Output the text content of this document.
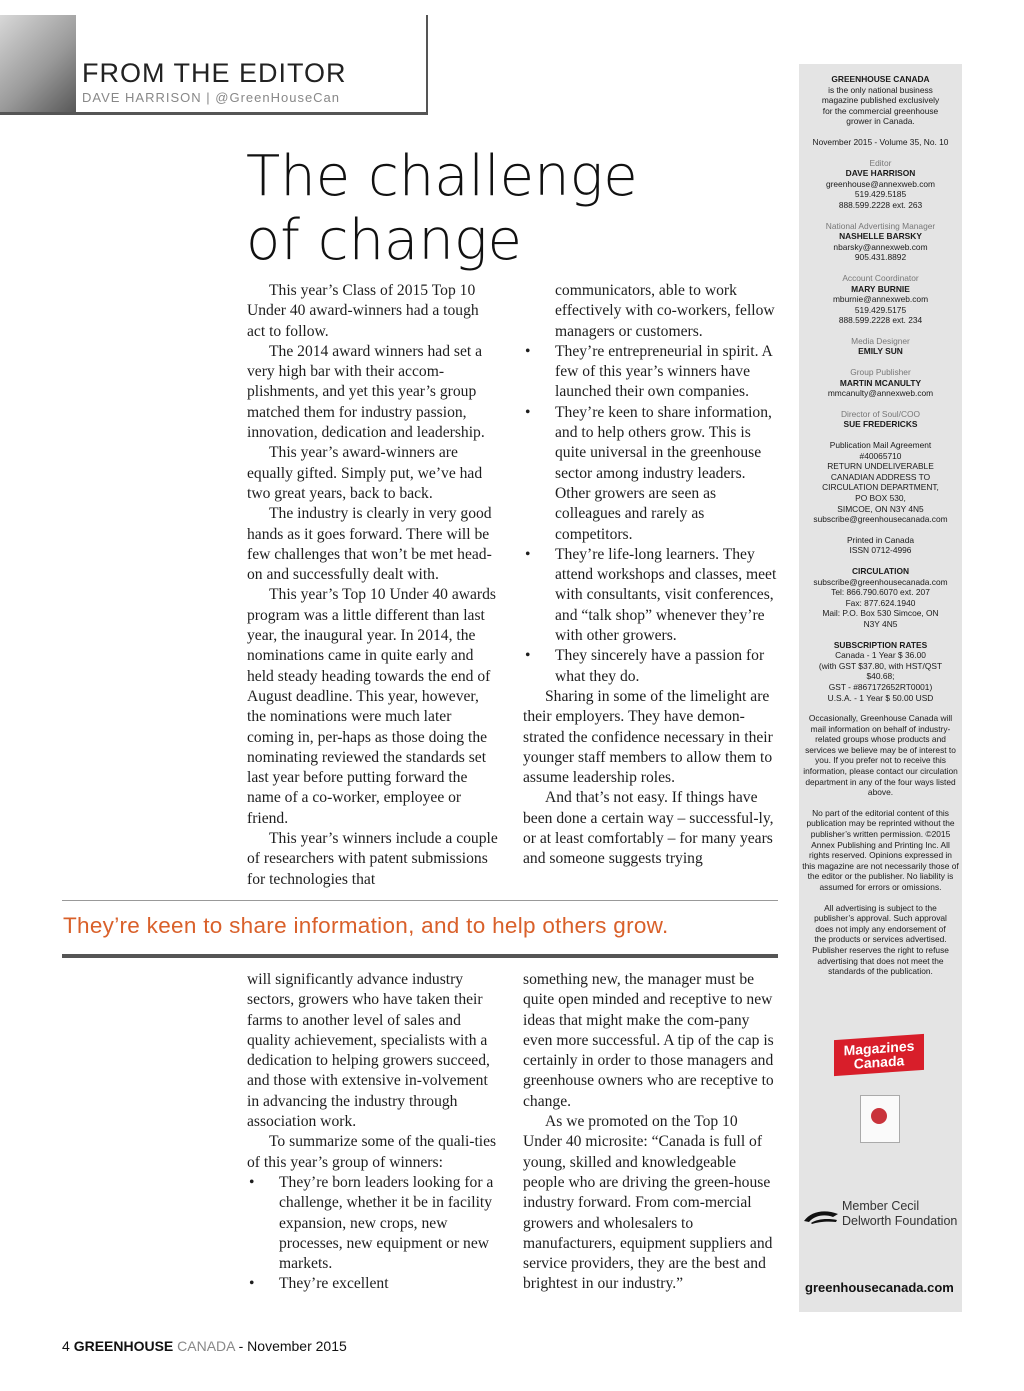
FROM THE EDITOR
DAVE HARRISON | @GreenHouseCan
The challenge
of change

This year’s Class of 2015 Top 10 Under 40 award-winners had a tough act to follow.

The 2014 award winners had set a very high bar with their accom-plishments, and yet this year’s group matched them for industry passion, innovation, dedication and leadership.

This year’s award-winners are equally gifted. Simply put, we’ve had two great years, back to back.

The industry is clearly in very good hands as it goes forward. There will be few challenges that won’t be met head-on and successfully dealt with.

This year’s Top 10 Under 40 awards program was a little different than last year, the inaugural year. In 2014, the nominations came in quite early and held steady heading towards the end of August deadline. This year, however, the nominations were much later coming in, per-haps as those doing the nominating reviewed the standards set last year before putting forward the name of a co-worker, employee or friend.

This year’s winners include a couple of researchers with patent submissions for technologies that

communicators, able to work effectively with co-workers, fellow managers or customers.

• They’re entrepreneurial in spirit. A few of this year’s winners have launched their own companies.

• They’re keen to share information, and to help others grow. This is quite universal in the greenhouse sector among industry leaders. Other growers are seen as colleagues and rarely as competitors.

• They’re life-long learners. They attend workshops and classes, meet with consultants, visit conferences, and “talk shop” whenever they’re with other growers.

• They sincerely have a passion for what they do.

Sharing in some of the limelight are their employers. They have demon-strated the confidence necessary in their younger staff members to allow them to assume leadership roles.

And that’s not easy. If things have been done a certain way – successful-ly, or at least comfortably – for many years and someone suggests trying

They’re keen to share information, and to help others grow.

will significantly advance industry sectors, growers who have taken their farms to another level of sales and quality achievement, specialists with a dedication to helping growers succeed, and those with extensive in-volvement in advancing the industry through association work.

To summarize some of the quali-ties of this year’s group of winners:

• They’re born leaders looking for a challenge, whether it be in facility expansion, new crops, new processes, new equipment or new markets.

• They’re excellent

something new, the manager must be quite open minded and receptive to new ideas that might make the com-pany even more successful. A tip of the cap is certainly in order to those managers and greenhouse owners who are receptive to change.

As we promoted on the Top 10 Under 40 microsite: “Canada is full of young, skilled and knowledgeable people who are driving the green-house industry forward. From com-mercial growers and wholesalers to manufacturers, equipment suppliers and service providers, they are the best and brightest in our industry.”

4 GREENHOUSE CANADA - November 2015
GREENHOUSE CANADA
is the only national business magazine published exclusively for the commercial greenhouse grower in Canada.
November 2015 - Volume 35, No. 10
Editor
DAVE HARRISON
greenhouse@annexweb.com
519.429.5185
888.599.2228 ext. 263
National Advertising Manager
NASHELLE BARSKY
nbarsky@annexweb.com
905.431.8892
Account Coordinator
MARY BURNIE
mburnie@annexweb.com
519.429.5175
888.599.2228 ext. 234
Media Designer
EMILY SUN
Group Publisher
MARTIN MCANULTY
mmcanulty@annexweb.com
Director of Soul/COO
SUE FREDERICKS
Publication Mail Agreement
#40065710
RETURN UNDELIVERABLE
CANADIAN ADDRESS TO
CIRCULATION DEPARTMENT,
PO BOX 530,
SIMCOE, ON N3Y 4N5
subscribe@greenhousecanada.com
Printed in Canada
ISSN 0712-4996
CIRCULATION
subscribe@greenhousecanada.com
Tel: 866.790.6070 ext. 207
Fax: 877.624.1940
Mail: P.O. Box 530 Simcoe, ON
N3Y 4N5
SUBSCRIPTION RATES
Canada - 1 Year $ 36.00
(with GST $37.80, with HST/QST
$40.68;
GST - #867172652RT0001)
U.S.A. - 1 Year $ 50.00 USD
Occasionally, Greenhouse Canada will mail information on behalf of industry-related groups whose products and services we believe may be of interest to you. If you prefer not to receive this information, please contact our circulation department in any of the four ways listed above.
No part of the editorial content of this publication may be reprinted without the publisher’s written permission. ©2015 Annex Publishing and Printing Inc. All rights reserved. Opinions expressed in this magazine are not necessarily those of the editor or the publisher. No liability is assumed for errors or omissions.
All advertising is subject to the publisher’s approval. Such approval does not imply any endorsement of the products or services advertised. Publisher reserves the right to refuse advertising that does not meet the standards of the publication.
Magazines Canada
Member Cecil Delworth Foundation
greenhousecanada.com
